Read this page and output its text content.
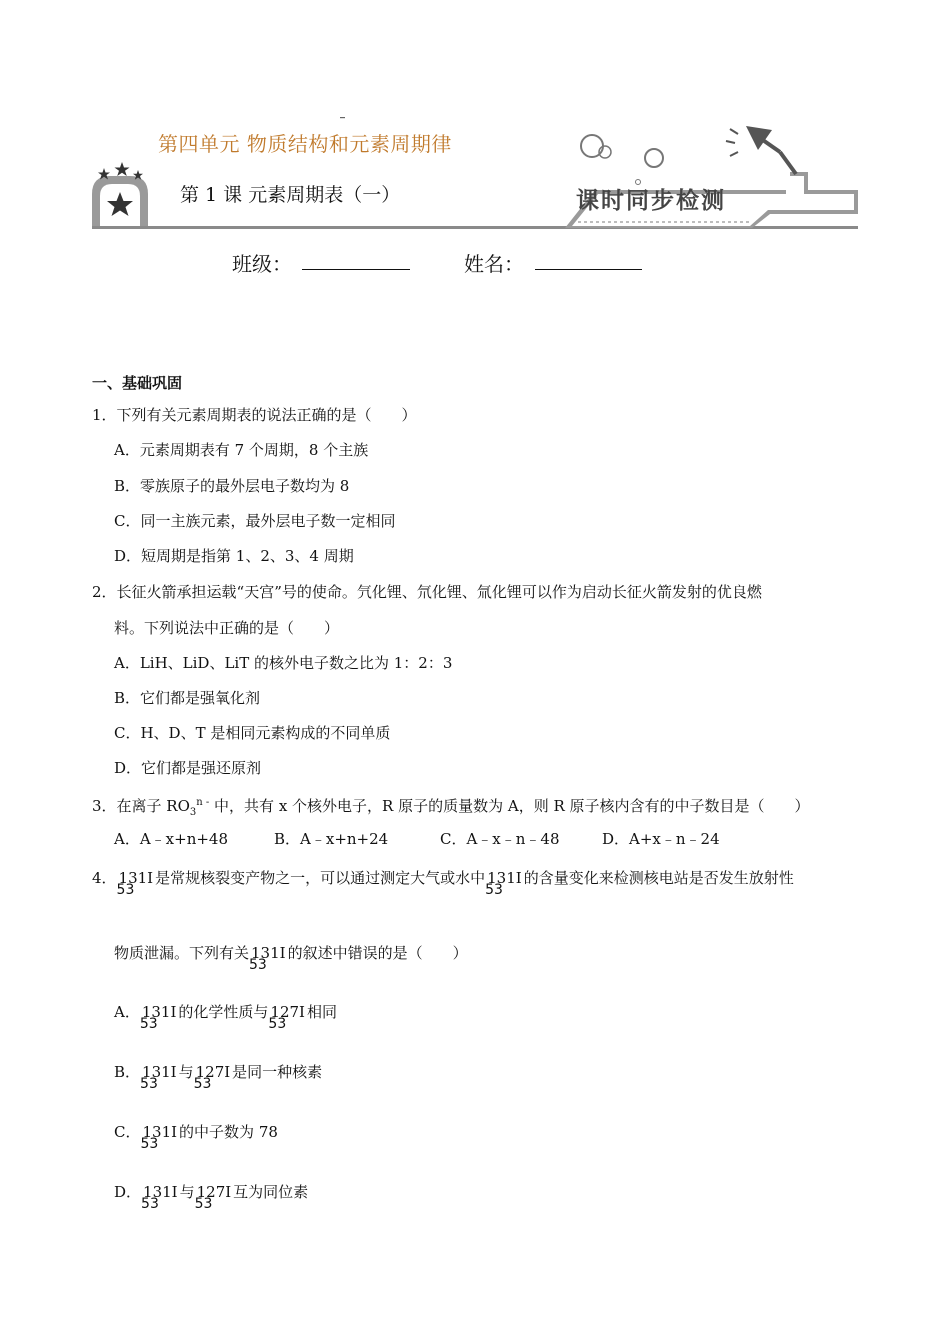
第四单元 物质结构和元素周期律
第 1 课 元素周期表（一）	课时同步检测
班级：	姓名：
一、基础巩固
1．下列有关元素周期表的说法正确的是（　　）
A．元素周期表有 7 个周期，8 个主族
B．零族原子的最外层电子数均为 8
C．同一主族元素，最外层电子数一定相同
D．短周期是指第 1、2、3、4 周期
2．长征火箭承担运载“天宫”号的使命。氕化锂、氘化锂、氚化锂可以作为启动长征火箭发射的优良燃
料。下列说法中正确的是（　　）
A．LiH、LiD、LiT 的核外电子数之比为 1：2：3
B．它们都是强氧化剂
C．H、D、T 是相同元素构成的不同单质
D．它们都是强还原剂
3．在离子 $RO_3^{n -}$ 中，共有 x 个核外电子，R 原子的质量数为 A，则 R 原子核内含有的中子数目是（　　）
A．A﹣x+n+48	B．A﹣x+n+24	C．A﹣x﹣n﹣48	D．A+x﹣n﹣24
4． 131I
53
是常规核裂变产物之一，可以通过测定大气或水中 131I
53
的含量变化来检测核电站是否发生放射性
物质泄漏。下列有关 131I
53
的叙述中错误的是（　　）
A． 131I
53
的化学性质与 127I
53
相同
B． 131I
53
与 127I
53
是同一种核素
C． 131I
53
的中子数为 78
D． 131I
53
与 127I
53
互为同位素
